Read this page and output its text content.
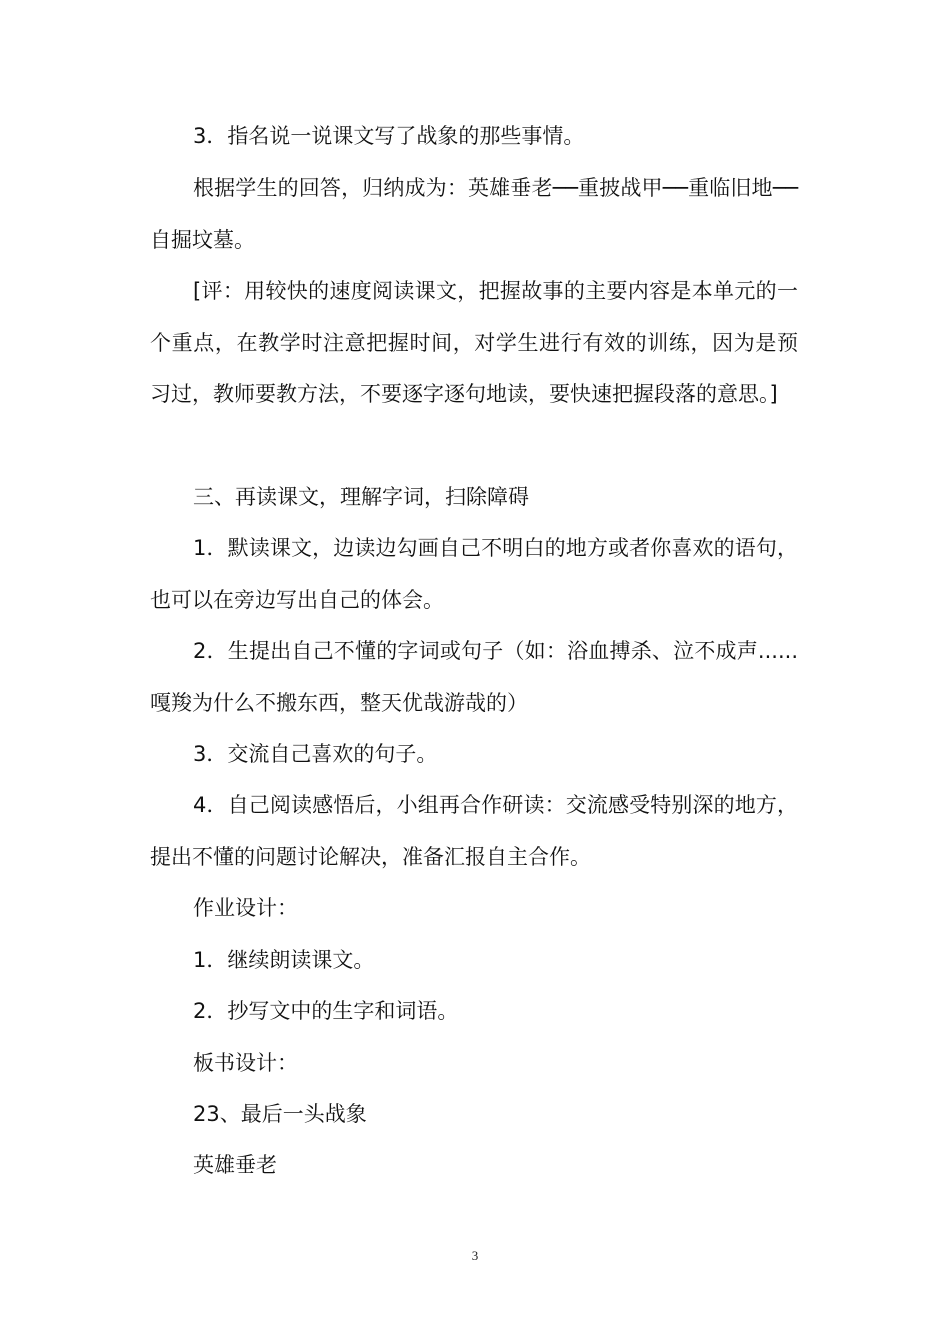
3．指名说一说课文写了战象的那些事情。

根据学生的回答，归纳成为：英雄垂老──重披战甲──重临旧地──自掘坟墓。

[评：用较快的速度阅读课文，把握故事的主要内容是本单元的一个重点，在教学时注意把握时间，对学生进行有效的训练，因为是预习过，教师要教方法，不要逐字逐句地读，要快速把握段落的意思。]

三、再读课文，理解字词，扫除障碍

1．默读课文，边读边勾画自己不明白的地方或者你喜欢的语句，也可以在旁边写出自己的体会。

2．生提出自己不懂的字词或句子（如：浴血搏杀、泣不成声......嘎羧为什么不搬东西，整天优哉游哉的）

3．交流自己喜欢的句子。

4．自己阅读感悟后，小组再合作研读：交流感受特别深的地方，提出不懂的问题讨论解决，准备汇报自主合作。

作业设计：

1．继续朗读课文。

2．抄写文中的生字和词语。

板书设计：

23、最后一头战象

英雄垂老

3
